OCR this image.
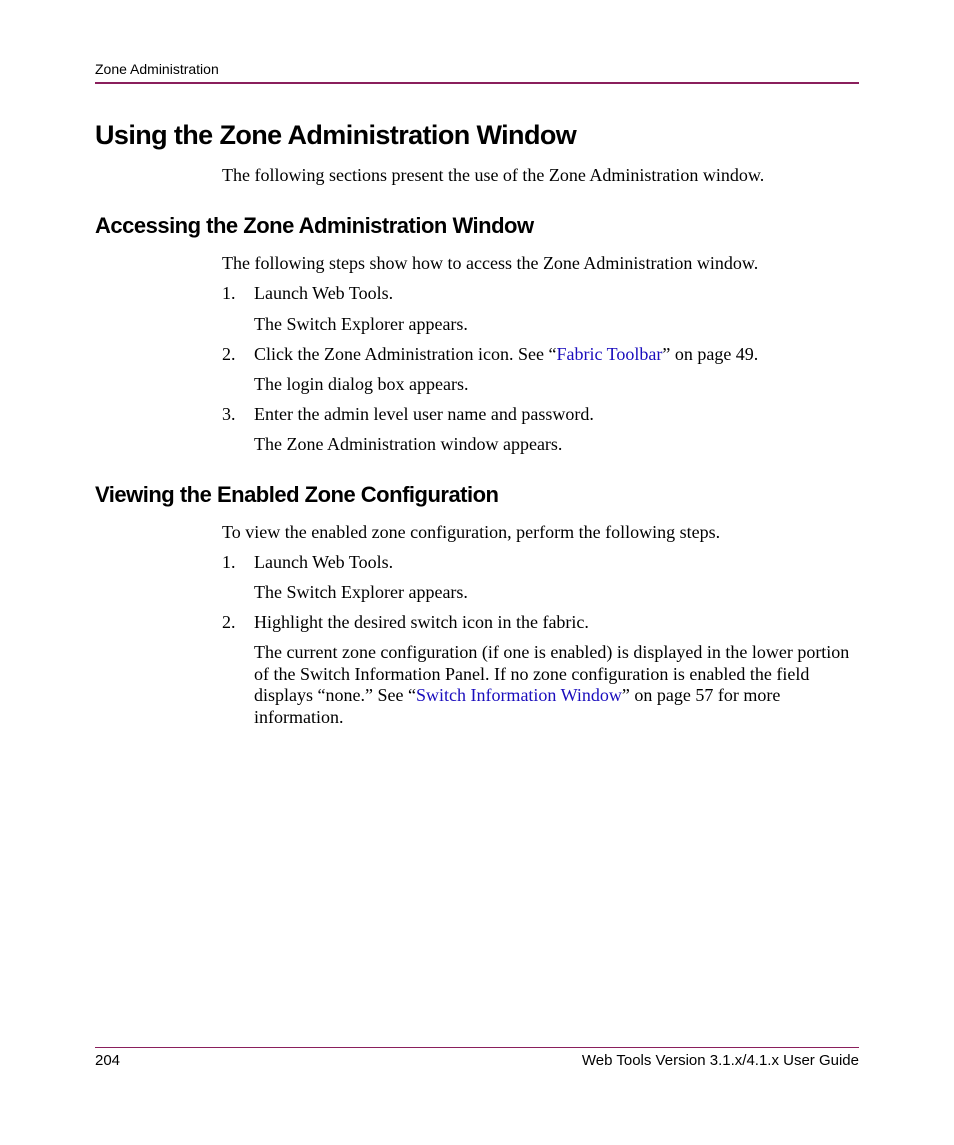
Zone Administration
Using the Zone Administration Window

The following sections present the use of the Zone Administration window.

Accessing the Zone Administration Window

The following steps show how to access the Zone Administration window.

1. Launch Web Tools.
The Switch Explorer appears.
2. Click the Zone Administration icon. See “Fabric Toolbar” on page 49.
The login dialog box appears.
3. Enter the admin level user name and password.
The Zone Administration window appears.
Viewing the Enabled Zone Configuration

To view the enabled zone configuration, perform the following steps.

1. Launch Web Tools.
The Switch Explorer appears.
2. Highlight the desired switch icon in the fabric.
The current zone configuration (if one is enabled) is displayed in the lower portion of the Switch Information Panel. If no zone configuration is enabled the field displays “none.” See “Switch Information Window” on page 57 for more information.
204	Web Tools Version 3.1.x/4.1.x User Guide
